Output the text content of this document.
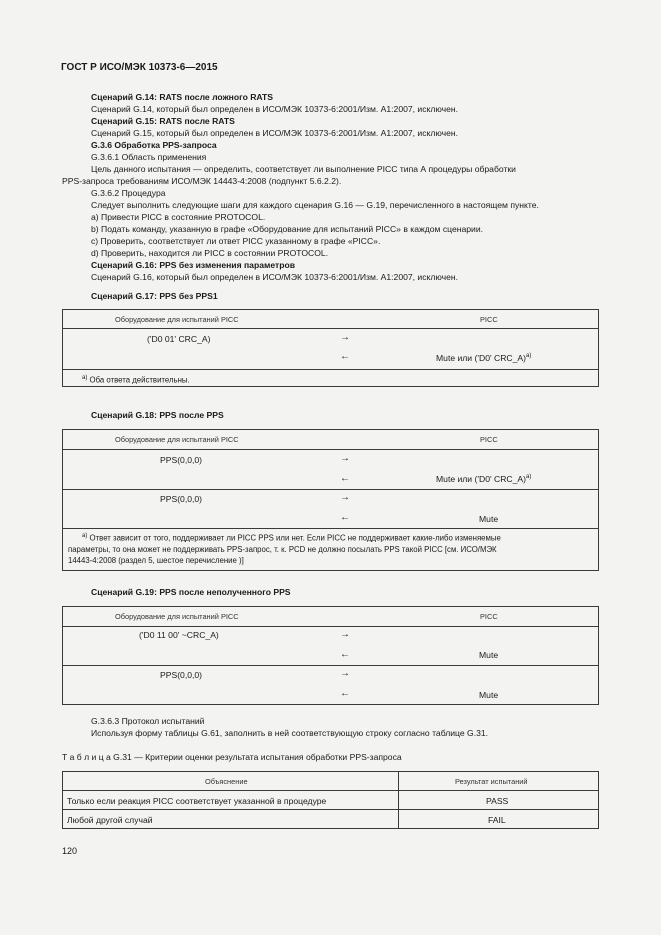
ГОСТ Р ИСО/МЭК 10373-6—2015
Сценарий G.14: RATS после ложного RATS
Сценарий G.14, который был определен в ИСО/МЭК 10373-6:2001/Изм. А1:2007, исключен.
Сценарий G.15: RATS после RATS
Сценарий G.15, который был определен в ИСО/МЭК 10373-6:2001/Изм. А1:2007, исключен.
G.3.6 Обработка PPS-запроса
G.3.6.1 Область применения
Цель данного испытания — определить, соответствует ли выполнение PICC типа А процедуры обработки
PPS-запроса требованиям ИСО/МЭК 14443-4:2008 (подпункт 5.6.2.2).
G.3.6.2 Процедура
Следует выполнить следующие шаги для каждого сценария G.16 — G.19, перечисленного в настоящем пункте.
a) Привести PICC в состояние PROTOCOL.
b) Подать команду, указанную в графе «Оборудование для испытаний PICC» в каждом сценарии.
c) Проверить, соответствует ли ответ PICC указанному в графе «PICC».
d) Проверить, находится ли PICC в состоянии PROTOCOL.
Сценарий G.16: PPS без изменения параметров
Сценарий G.16, который был определен в ИСО/МЭК 10373-6:2001/Изм. А1:2007, исключен.
Сценарий G.17: PPS без PPS1
Оборудование для испытаний PICC	PICC
('D0 01' CRC_A)	→
←	Mute или ('D0' CRC_A)$^{a)}$
$^{a)}$ Оба ответа действительны.
Сценарий G.18: PPS после PPS
Оборудование для испытаний PICC	PICC
PPS(0,0,0)	→
←	Mute или ('D0' CRC_A)$^{a)}$
PPS(0,0,0)	→
←	Mute
$^{a)}$ Ответ зависит от того, поддерживает ли PICC PPS или нет. Если PICC не поддерживает какие-либо изменяемые
параметры, то она может не поддерживать PPS-запрос, т. к. PCD не должно посылать PPS такой PICC [см. ИСО/МЭК
14443-4:2008 (раздел 5, шестое перечисление )]
Сценарий G.19: PPS после неполученного PPS
Оборудование для испытаний PICC	PICC
('D0 11 00' ~CRC_A)	→
←	Mute
PPS(0,0,0)	→
←	Mute
G.3.6.3 Протокол испытаний
Используя форму таблицы G.61, заполнить в ней соответствующую строку согласно таблице G.31.
Т а б л и ц а G.31 — Критерии оценки результата испытания обработки PPS-запроса
Объяснение	Результат испытаний
Только если реакция PICC соответствует указанной в процедуре	PASS
Любой другой случай	FAIL
120
